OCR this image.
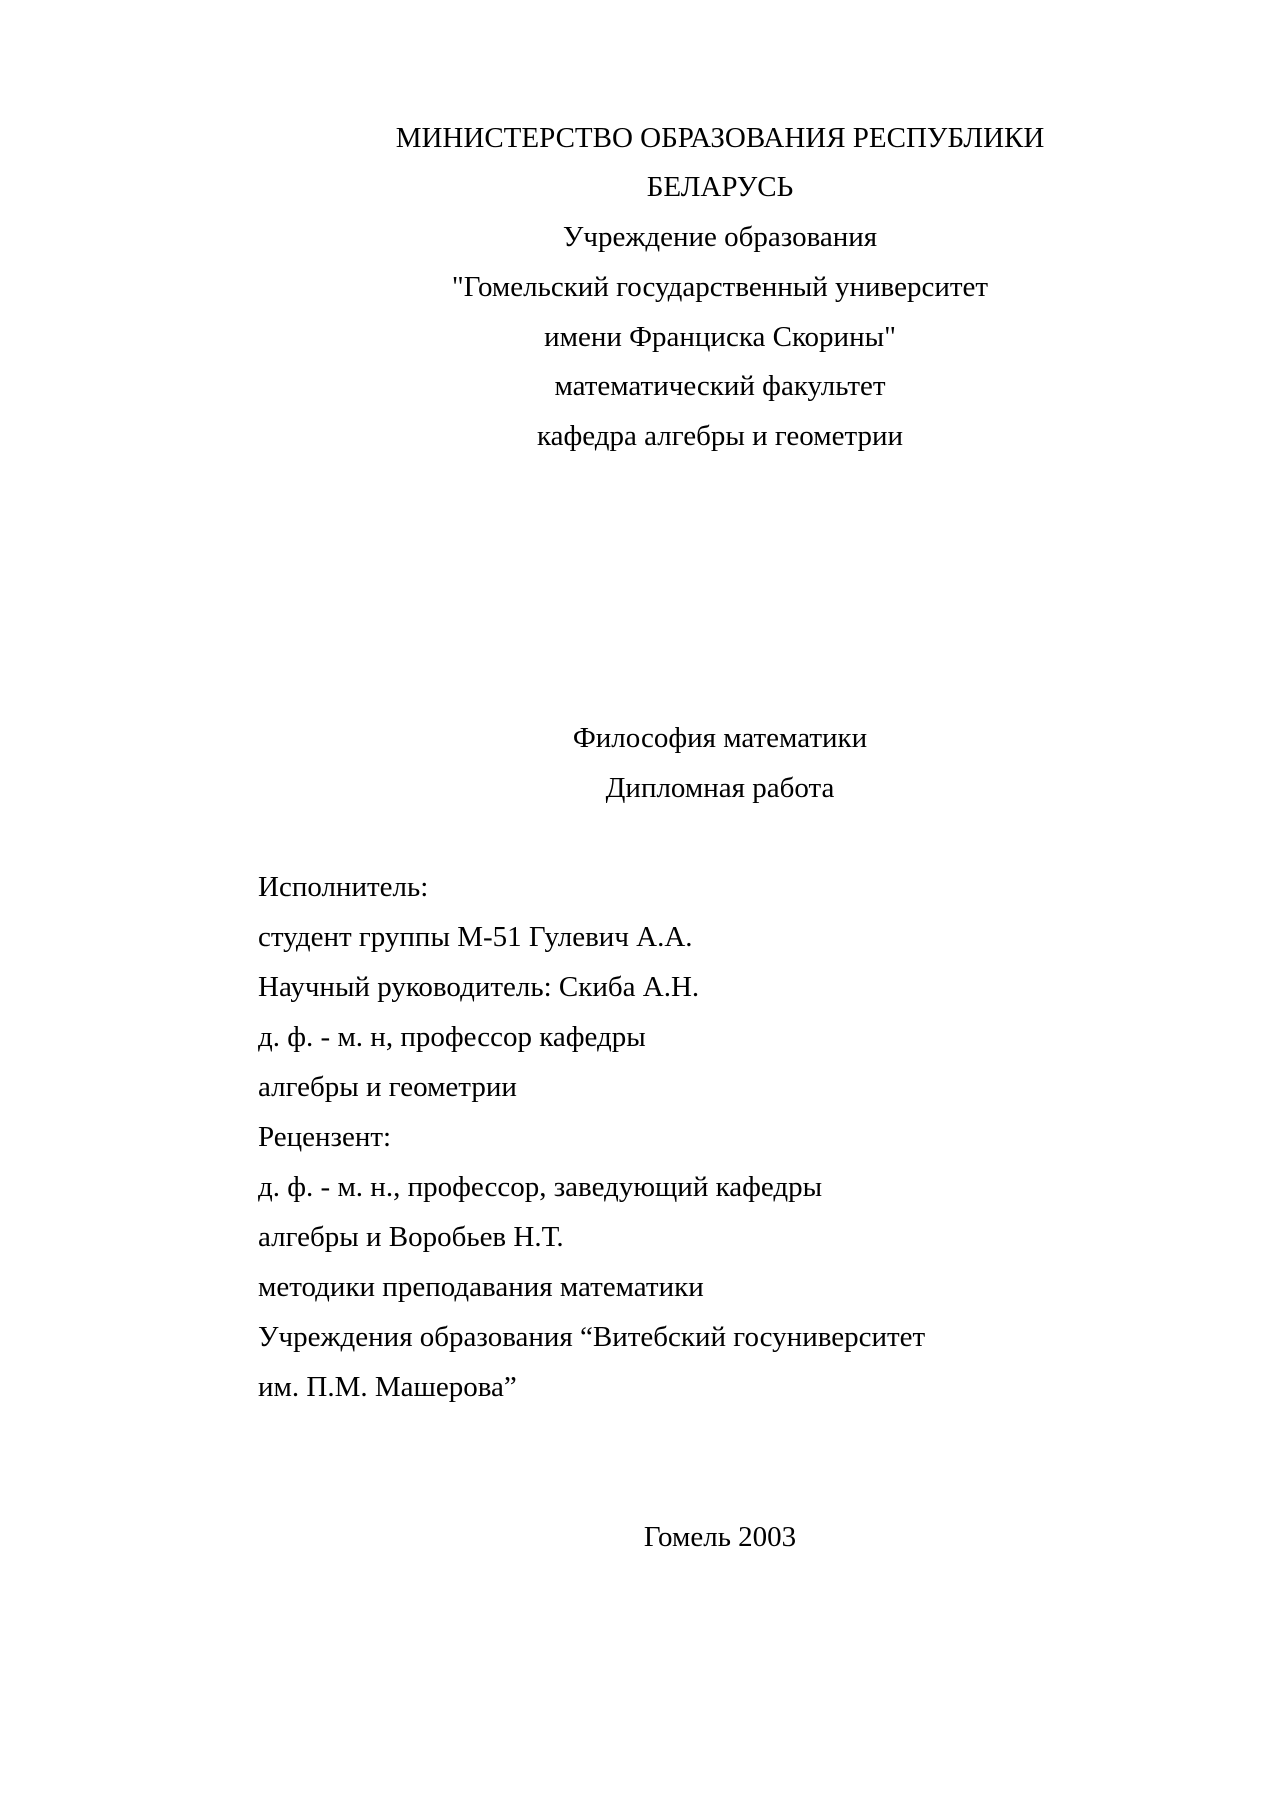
МИНИСТЕРСТВО ОБРАЗОВАНИЯ РЕСПУБЛИКИ
БЕЛАРУСЬ
Учреждение образования
"Гомельский государственный университет
имени Франциска Скорины"
математический факультет
кафедра алгебры и геометрии
Философия математики
Дипломная работа
Исполнитель:
студент группы М-51 Гулевич А.А.
Научный руководитель: Скиба А.Н.
д. ф. - м. н, профессор кафедры
алгебры и геометрии
Рецензент:
д. ф. - м. н., профессор, заведующий кафедры
алгебры и Воробьев Н.Т.
методики преподавания математики
Учреждения образования “Витебский госуниверситет
им. П.М. Машерова”
Гомель 2003
